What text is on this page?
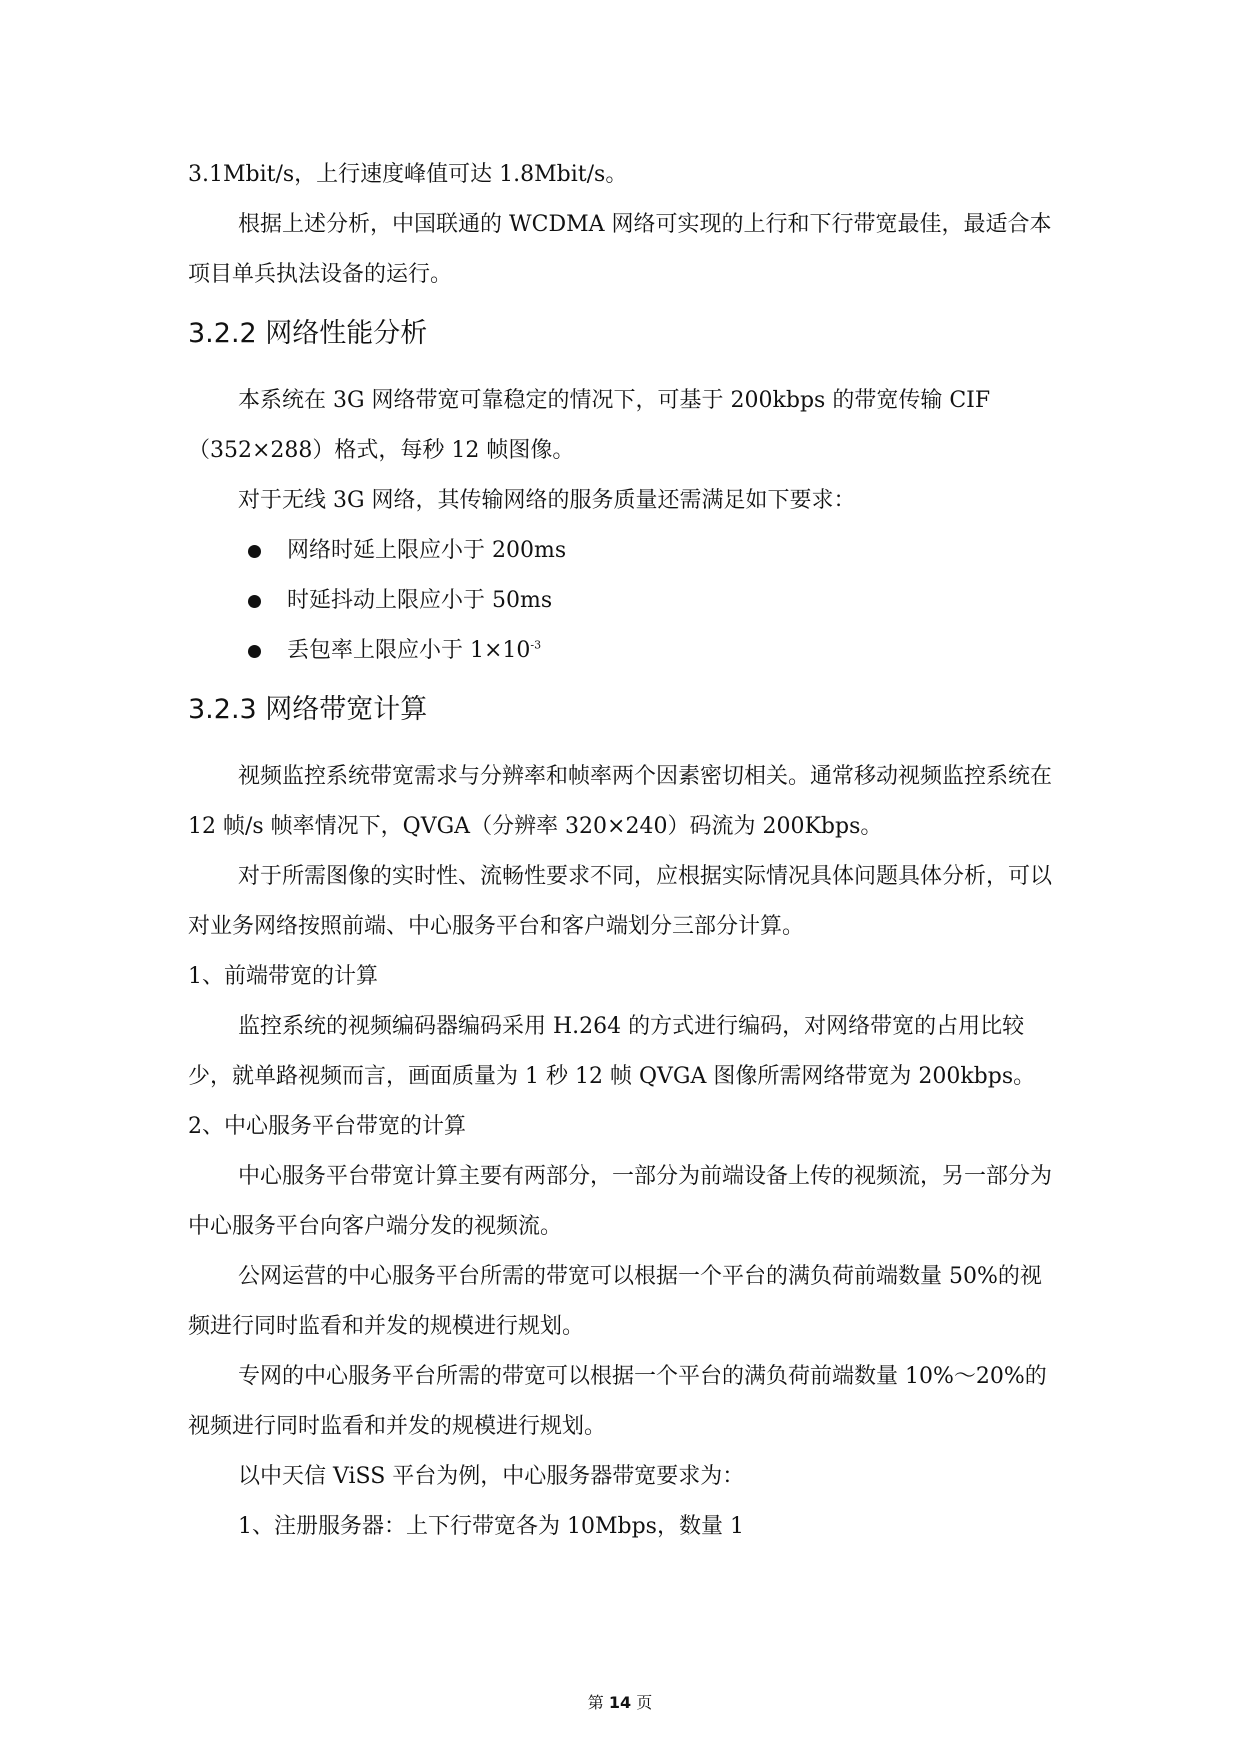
3.1Mbit/s，上行速度峰值可达 1.8Mbit/s。

根据上述分析，中国联通的 WCDMA 网络可实现的上行和下行带宽最佳，最适合本项目单兵执法设备的运行。

3.2.2 网络性能分析

本系统在 3G 网络带宽可靠稳定的情况下，可基于 200kbps 的带宽传输 CIF（352×288）格式，每秒 12 帧图像。

对于无线 3G 网络，其传输网络的服务质量还需满足如下要求：

网络时延上限应小于 200ms
时延抖动上限应小于 50ms
丢包率上限应小于 $1\times 10^{-3}$
3.2.3 网络带宽计算

视频监控系统带宽需求与分辨率和帧率两个因素密切相关。通常移动视频监控系统在 12 帧/s 帧率情况下，QVGA（分辨率 320×240）码流为 200Kbps。

对于所需图像的实时性、流畅性要求不同，应根据实际情况具体问题具体分析，可以对业务网络按照前端、中心服务平台和客户端划分三部分计算。

1、前端带宽的计算

监控系统的视频编码器编码采用 H.264 的方式进行编码，对网络带宽的占用比较少，就单路视频而言，画面质量为 1 秒 12 帧 QVGA 图像所需网络带宽为 200kbps。

2、中心服务平台带宽的计算

中心服务平台带宽计算主要有两部分，一部分为前端设备上传的视频流，另一部分为中心服务平台向客户端分发的视频流。

公网运营的中心服务平台所需的带宽可以根据一个平台的满负荷前端数量 50%的视频进行同时监看和并发的规模进行规划。

专网的中心服务平台所需的带宽可以根据一个平台的满负荷前端数量 10%～20%的视频进行同时监看和并发的规模进行规划。

以中天信 ViSS 平台为例，中心服务器带宽要求为：

1、注册服务器：上下行带宽各为 10Mbps，数量 1

第 14 页
